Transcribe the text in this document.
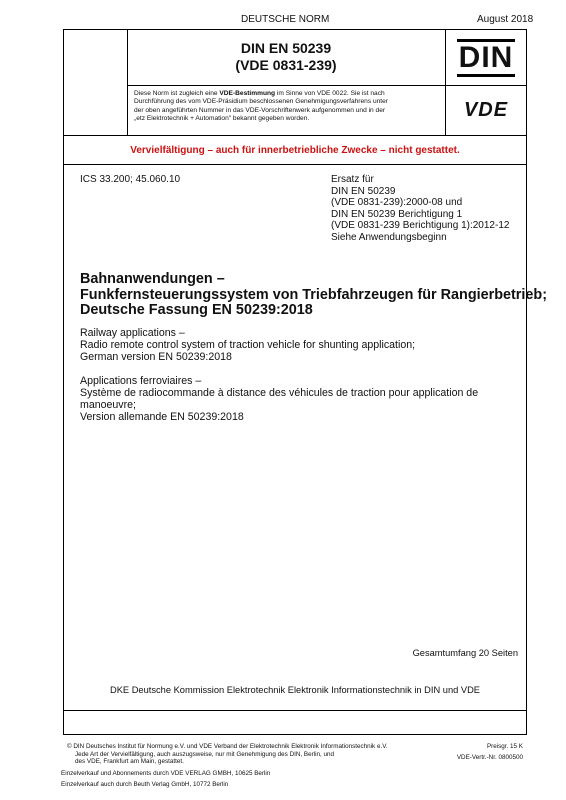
DEUTSCHE NORM	August 2018
DIN EN 50239
(VDE 0831-239)	DIN
VDE
Diese Norm ist zugleich eine VDE-Bestimmung im Sinne von VDE 0022. Sie ist nach
Durchführung des vom VDE-Präsidium beschlossenen Genehmigungsverfahrens unter
der oben angeführten Nummer in das VDE-Vorschriftenwerk aufgenommen und in der
„etz Elektrotechnik + Automation" bekannt gegeben worden.
Vervielfältigung – auch für innerbetriebliche Zwecke – nicht gestattet.
ICS 33.200; 45.060.10	Ersatz für
DIN EN 50239
(VDE 0831-239):2000-08 und
DIN EN 50239 Berichtigung 1
(VDE 0831-239 Berichtigung 1):2012-12
Siehe Anwendungsbeginn
Bahnanwendungen –
Funkfernsteuerungssystem von Triebfahrzeugen für Rangierbetrieb;
Deutsche Fassung EN 50239:2018
Railway applications –
Radio remote control system of traction vehicle for shunting application;
German version EN 50239:2018
Applications ferroviaires –
Système de radiocommande à distance des véhicules de traction pour application de
manoeuvre;
Version allemande EN 50239:2018
Gesamtumfang 20 Seiten
DKE Deutsche Kommission Elektrotechnik Elektronik Informationstechnik in DIN und VDE
© DIN Deutsches Institut für Normung e.V. und VDE Verband der Elektrotechnik Elektronik Informationstechnik e.V.
Jede Art der Vervielfältigung, auch auszugsweise, nur mit Genehmigung des DIN, Berlin, und
des VDE, Frankfurt am Main, gestattet.
Preisgr. 15 K
VDE-Vertr.-Nr. 0800500
Einzelverkauf und Abonnements durch VDE VERLAG GMBH, 10625 Berlin
Einzelverkauf auch durch Beuth Verlag GmbH, 10772 Berlin
